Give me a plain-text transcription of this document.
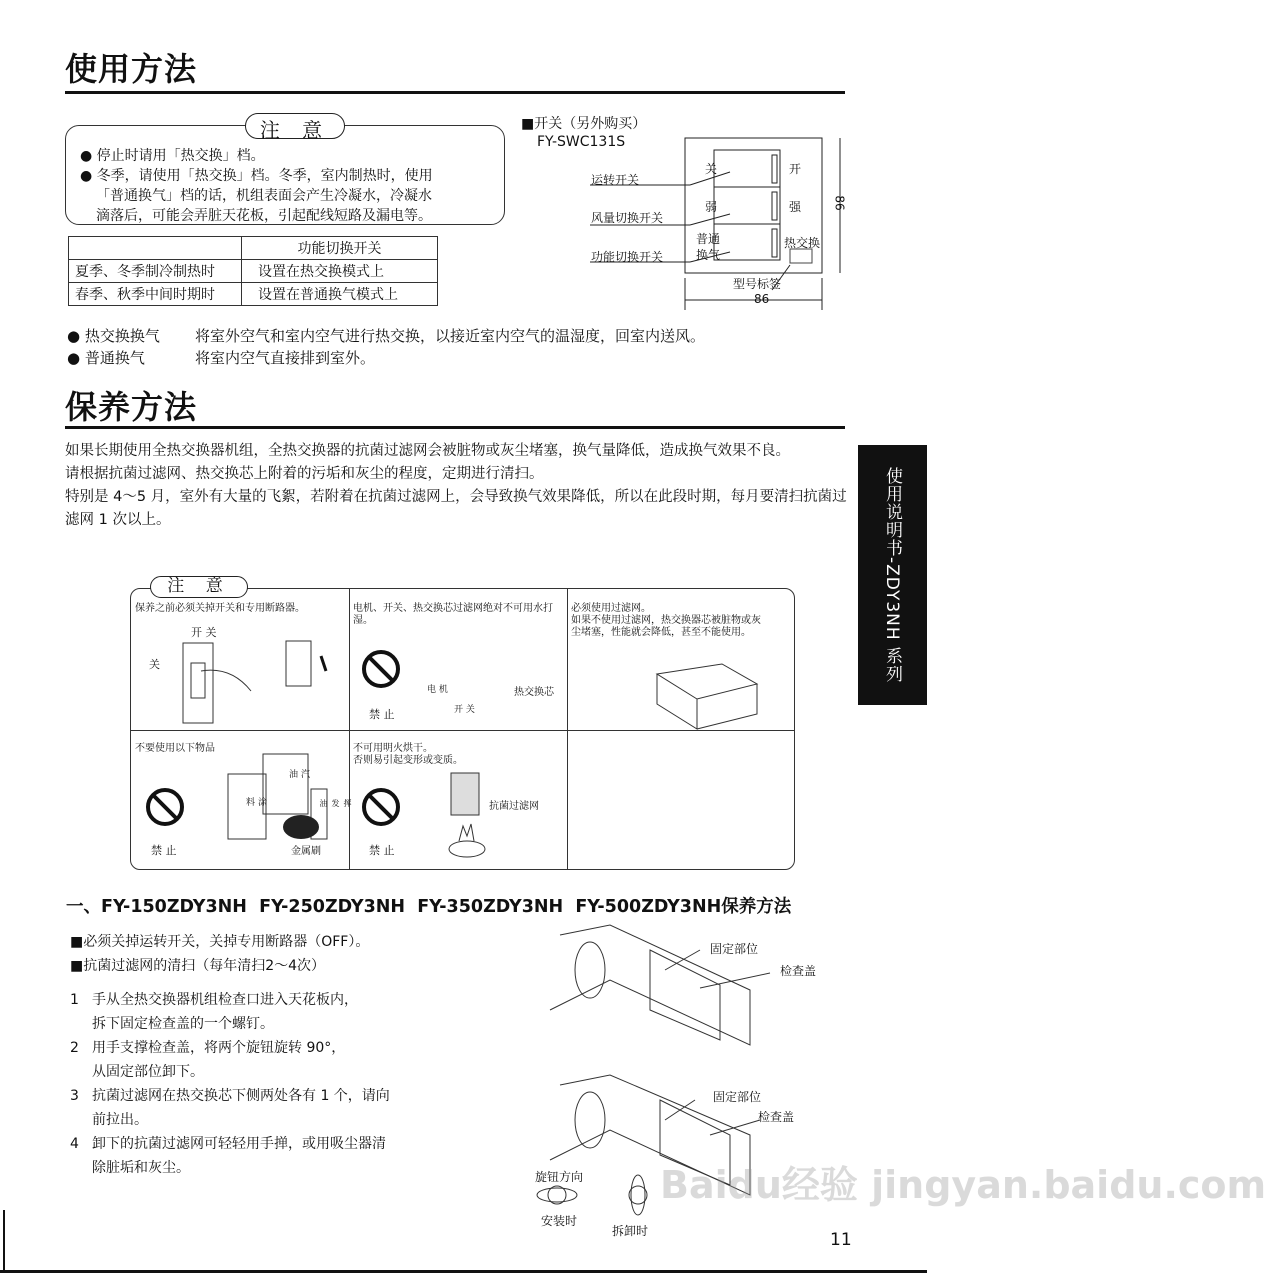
使用方法
● 停止时请用「热交换」档。
● 冬季，请使用「热交换」档。冬季，室内制热时，使用
「普通换气」档的话，机组表面会产生冷凝水，冷凝水
滴落后，可能会弄脏天花板，引起配线短路及漏电等。
注 意
	功能切换开关
夏季、冬季制冷制热时	设置在热交换模式上
春季、秋季中间时期时	设置在普通换气模式上
■开关（另外购买）
FY-SWC131S
运转开关
风量切换开关
功能切换开关
关	开
弱	强
普通
换气
热交换
型号标签
86
86
● 热交换换气 将室外空气和室内空气进行热交换，以接近室内空气的温湿度，回室内送风。
● 普通换气	将室内空气直接排到室外。
保养方法
如果长期使用全热交换器机组，全热交换器的抗菌过滤网会被脏物或灰尘堵塞，换气量降低，造成换气效果不良。
请根据抗菌过滤网、热交换芯上附着的污垢和灰尘的程度，定期进行清扫。
特别是 4～5 月，室外有大量的飞絮，若附着在抗菌过滤网上，会导致换气效果降低，所以在此段时期，每月要清扫抗菌过滤网 1 次以上。	使用说明书-ZDY3NH 系列
保养之前必须关掉开关和专用断路器。
开 关
关
电机、开关、热交换芯过滤网绝对不可用水打湿。
禁 止
电 机
开 关
热交换芯
必须使用过滤网。
如果不使用过滤网，热交换器芯被脏物或灰尘堵塞，性能就会降低，甚至不能使用。

不要使用以下物品
禁 止
涂 料
汽油
挥发油
金属刷
不可用明火烘干。
否则易引起变形或变质。

禁 止

抗菌过滤网

注 意
一、FY-150ZDY3NH  FY-250ZDY3NH  FY-350ZDY3NH  FY-500ZDY3NH保养方法
■必须关掉运转开关，关掉专用断路器（OFF）。
■抗菌过滤网的清扫（每年清扫2～4次）
1 手从全热交换器机组检查口进入天花板内，
拆下固定检查盖的一个螺钉。
2 用手支撑检查盖，将两个旋钮旋转 90°，
从固定部位卸下。
3 抗菌过滤网在热交换芯下侧两处各有 1 个，请向
前拉出。
4 卸下的抗菌过滤网可轻轻用手掸，或用吸尘器清
除脏垢和灰尘。
固定部位
检查盖
固定部位
检查盖
旋钮方向
安装时
拆卸时
Baidu经验 jingyan.baidu.com
11
